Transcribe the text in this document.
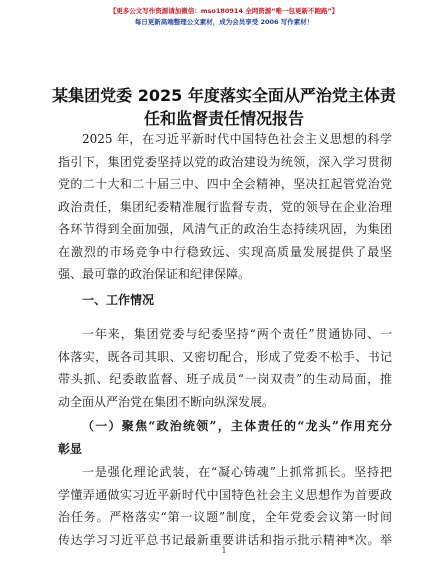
【更多公文写作资源请加微信：mso180914 全网资源“唯一包更新不跑路”】
每日更新高端整理公文素材，成为会员享受 2006 写作素材！
某集团党委 2025 年度落实全面从严治党主体责
任和监督责任情况报告
2025 年，在习近平新时代中国特色社会主义思想的科学
指引下，集团党委坚持以党的政治建设为统领，深入学习贯彻
党的二十大和二十届三中、四中全会精神，坚决扛起管党治党
政治责任，集团纪委精准履行监督专责，党的领导在企业治理
各环节得到全面加强，风清气正的政治生态持续巩固，为集团
在激烈的市场竞争中行稳致远、实现高质量发展提供了最坚
强、最可靠的政治保证和纪律保障。
一、工作情况
一年来，集团党委与纪委坚持“两个责任”贯通协同、一
体落实，既各司其职、又密切配合，形成了党委不松手、书记
带头抓、纪委敢监督、班子成员“一岗双责”的生动局面，推
动全面从严治党在集团不断向纵深发展。
（一）聚焦“政治统领”，主体责任的“龙头”作用充分
彰显
一是强化理论武装，在“凝心铸魂”上抓常抓长。坚持把
学懂弄通做实习近平新时代中国特色社会主义思想作为首要政
治任务。严格落实“第一议题”制度，全年党委会议第一时间
传达学习习近平总书记最新重要讲话和指示批示精神*次。举
1
